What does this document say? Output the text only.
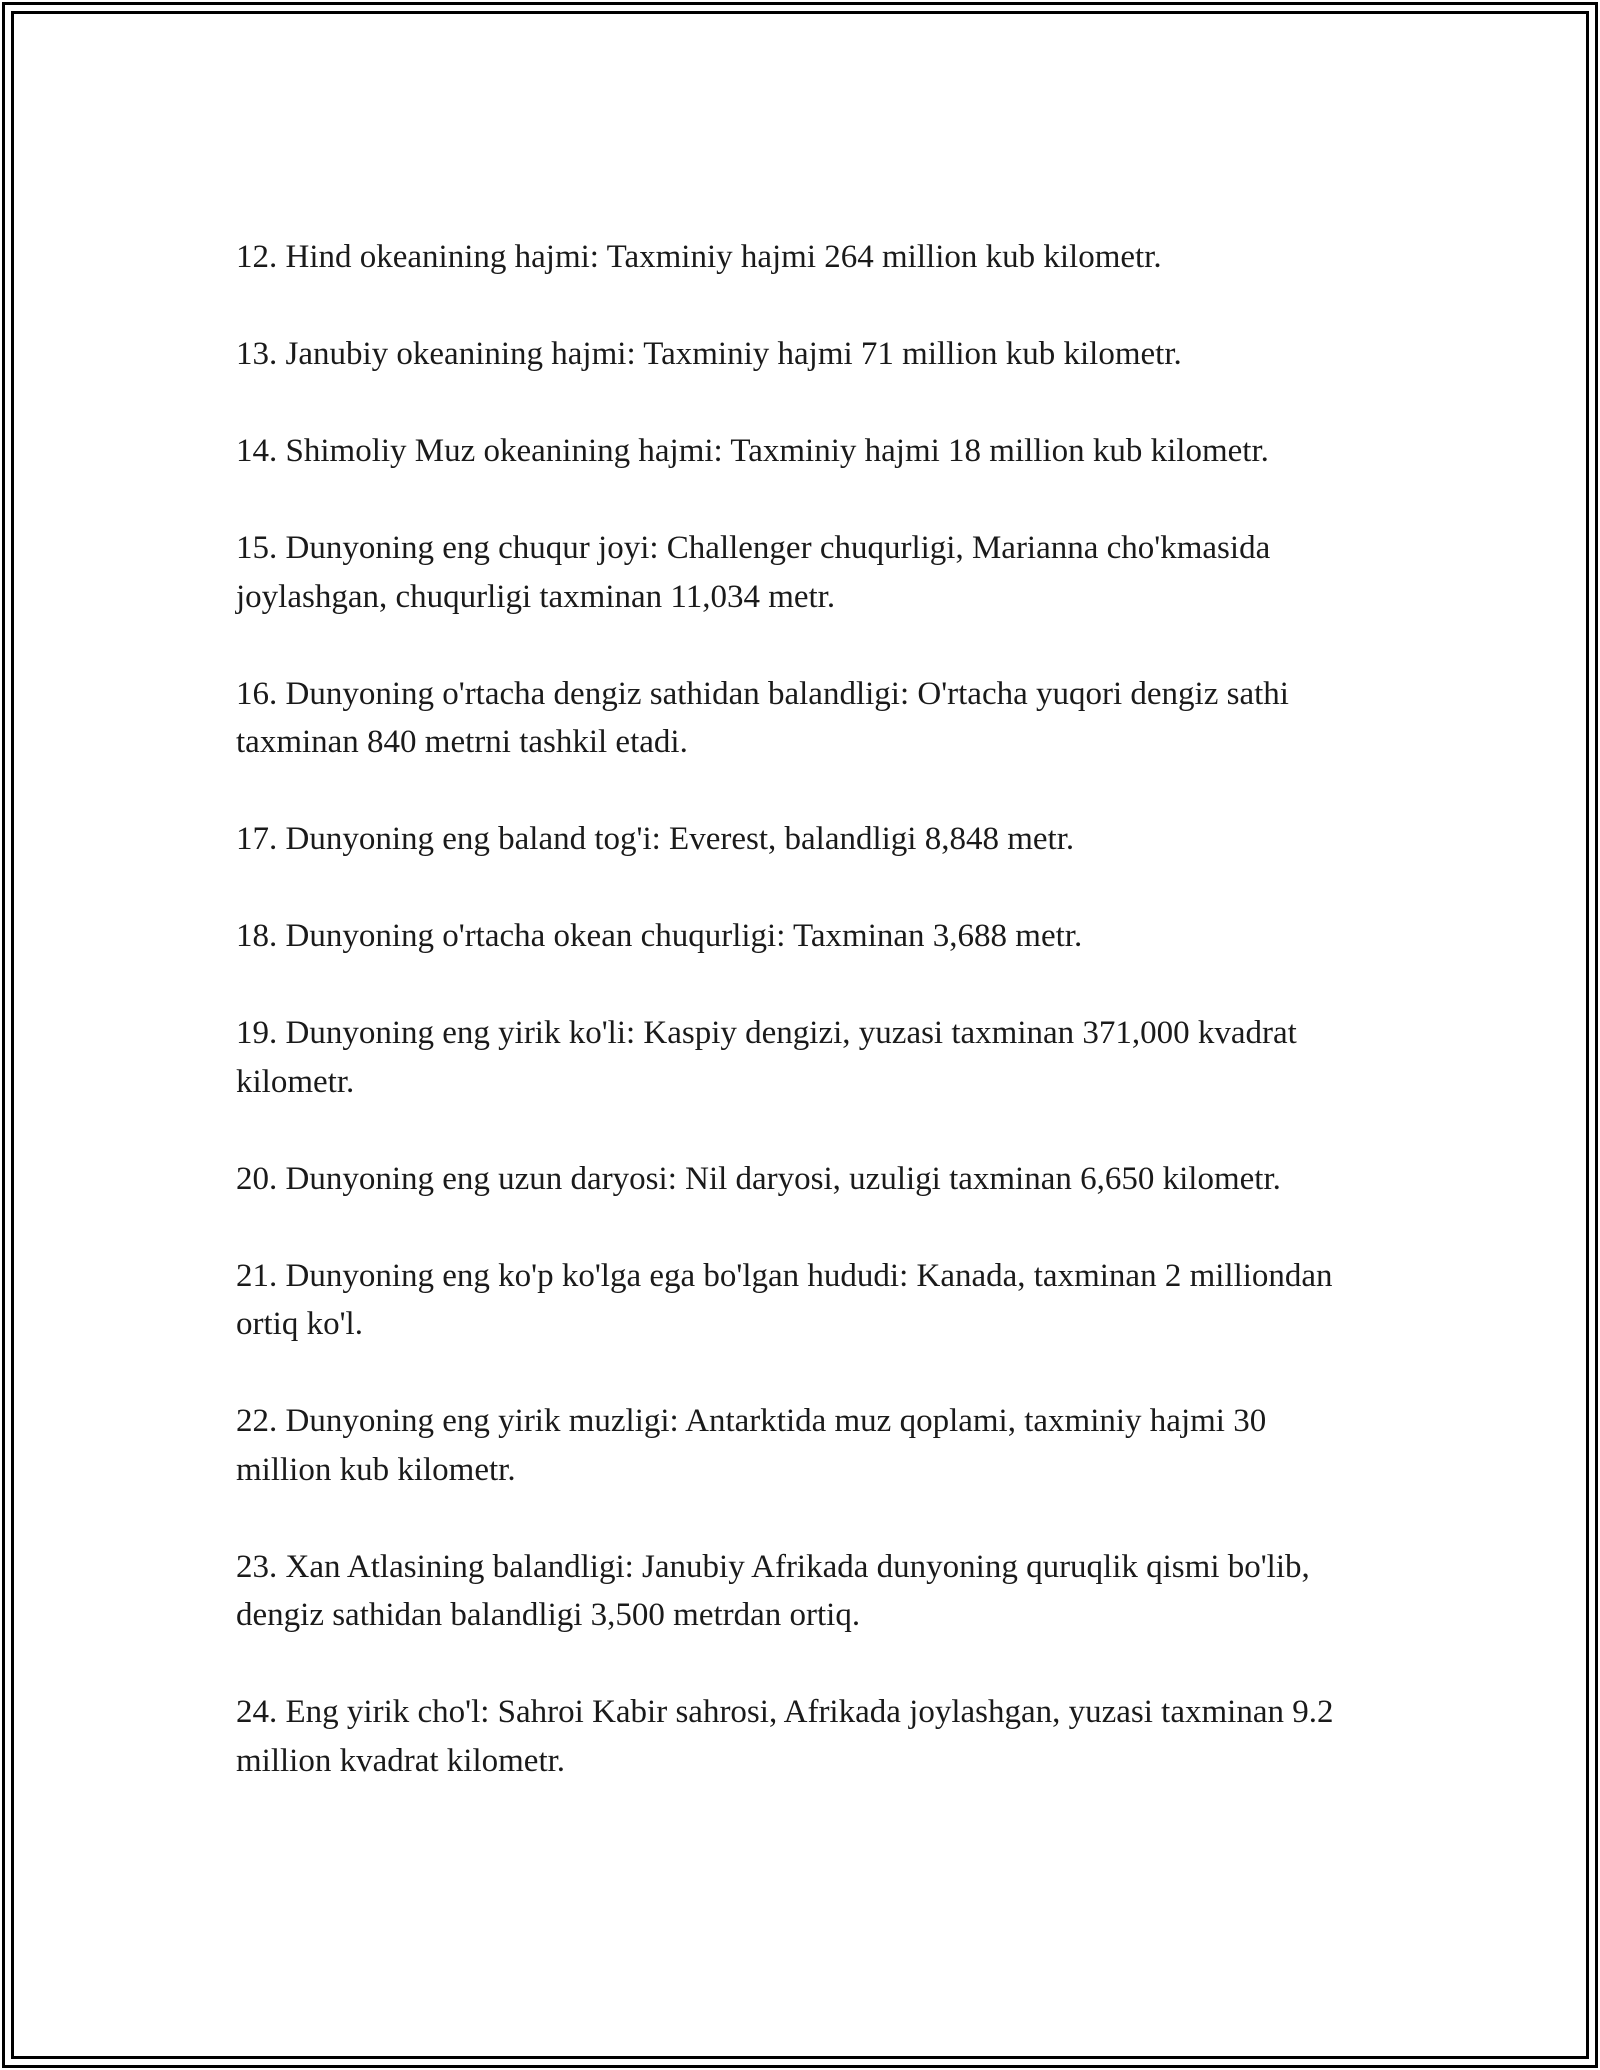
12. Hind okeanining hajmi: Taxminiy hajmi 264 million kub kilometr.

13. Janubiy okeanining hajmi: Taxminiy hajmi 71 million kub kilometr.

14. Shimoliy Muz okeanining hajmi: Taxminiy hajmi 18 million kub kilometr.

15. Dunyoning eng chuqur joyi: Challenger chuqurligi, Marianna cho'kmasida joylashgan, chuqurligi taxminan 11,034 metr.

16. Dunyoning o'rtacha dengiz sathidan balandligi: O'rtacha yuqori dengiz sathi taxminan 840 metrni tashkil etadi.

17. Dunyoning eng baland tog'i: Everest, balandligi 8,848 metr.

18. Dunyoning o'rtacha okean chuqurligi: Taxminan 3,688 metr.

19. Dunyoning eng yirik ko'li: Kaspiy dengizi, yuzasi taxminan 371,000 kvadrat kilometr.

20. Dunyoning eng uzun daryosi: Nil daryosi, uzuligi taxminan 6,650 kilometr.

21. Dunyoning eng ko'p ko'lga ega bo'lgan hududi: Kanada, taxminan 2 milliondan ortiq ko'l.

22. Dunyoning eng yirik muzligi: Antarktida muz qoplami, taxminiy hajmi 30 million kub kilometr.

23. Xan Atlasining balandligi: Janubiy Afrikada dunyoning quruqlik qismi bo'lib, dengiz sathidan balandligi 3,500 metrdan ortiq.

24. Eng yirik cho'l: Sahroi Kabir sahrosi, Afrikada joylashgan, yuzasi taxminan 9.2 million kvadrat kilometr.
